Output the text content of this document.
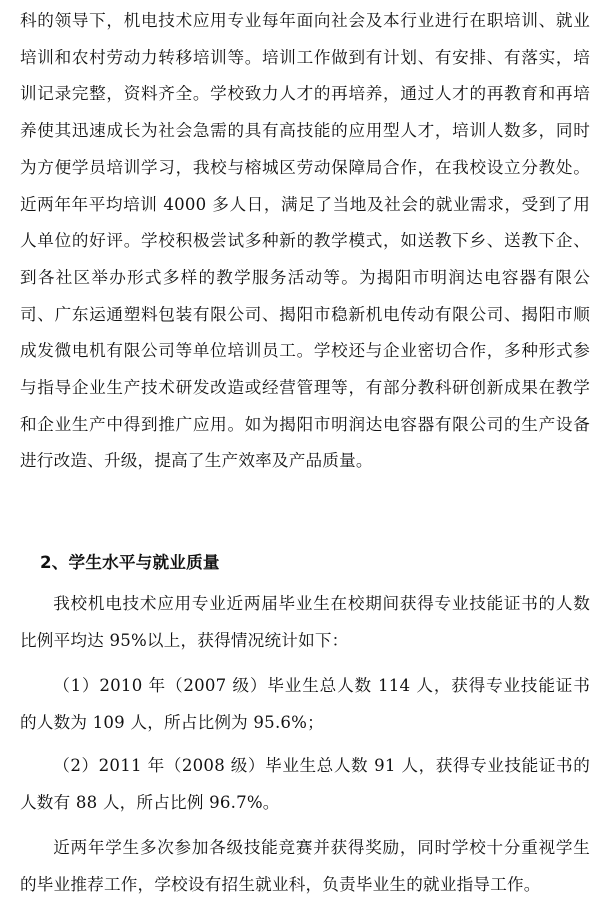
科的领导下，机电技术应用专业每年面向社会及本行业进行在职培训、就业培训和农村劳动力转移培训等。培训工作做到有计划、有安排、有落实，培训记录完整，资料齐全。学校致力人才的再培养，通过人才的再教育和再培养使其迅速成长为社会急需的具有高技能的应用型人才，培训人数多，同时为方便学员培训学习，我校与榕城区劳动保障局合作，在我校设立分教处。近两年年平均培训 4000 多人日，满足了当地及社会的就业需求，受到了用人单位的好评。学校积极尝试多种新的教学模式，如送教下乡、送教下企、到各社区举办形式多样的教学服务活动等。为揭阳市明润达电容器有限公司、广东运通塑料包装有限公司、揭阳市稳新机电传动有限公司、揭阳市顺成发微电机有限公司等单位培训员工。学校还与企业密切合作，多种形式参与指导企业生产技术研发改造或经营管理等，有部分教科研创新成果在教学和企业生产中得到推广应用。如为揭阳市明润达电容器有限公司的生产设备进行改造、升级，提高了生产效率及产品质量。

2、学生水平与就业质量

我校机电技术应用专业近两届毕业生在校期间获得专业技能证书的人数比例平均达 95%以上，获得情况统计如下：

（1）2010 年（2007 级）毕业生总人数 114 人，获得专业技能证书的人数为 109 人，所占比例为 95.6%；

（2）2011 年（2008 级）毕业生总人数 91 人，获得专业技能证书的人数有 88 人，所占比例 96.7%。

近两年学生多次参加各级技能竞赛并获得奖励，同时学校十分重视学生的毕业推荐工作，学校设有招生就业科，负责毕业生的就业指导工作。
